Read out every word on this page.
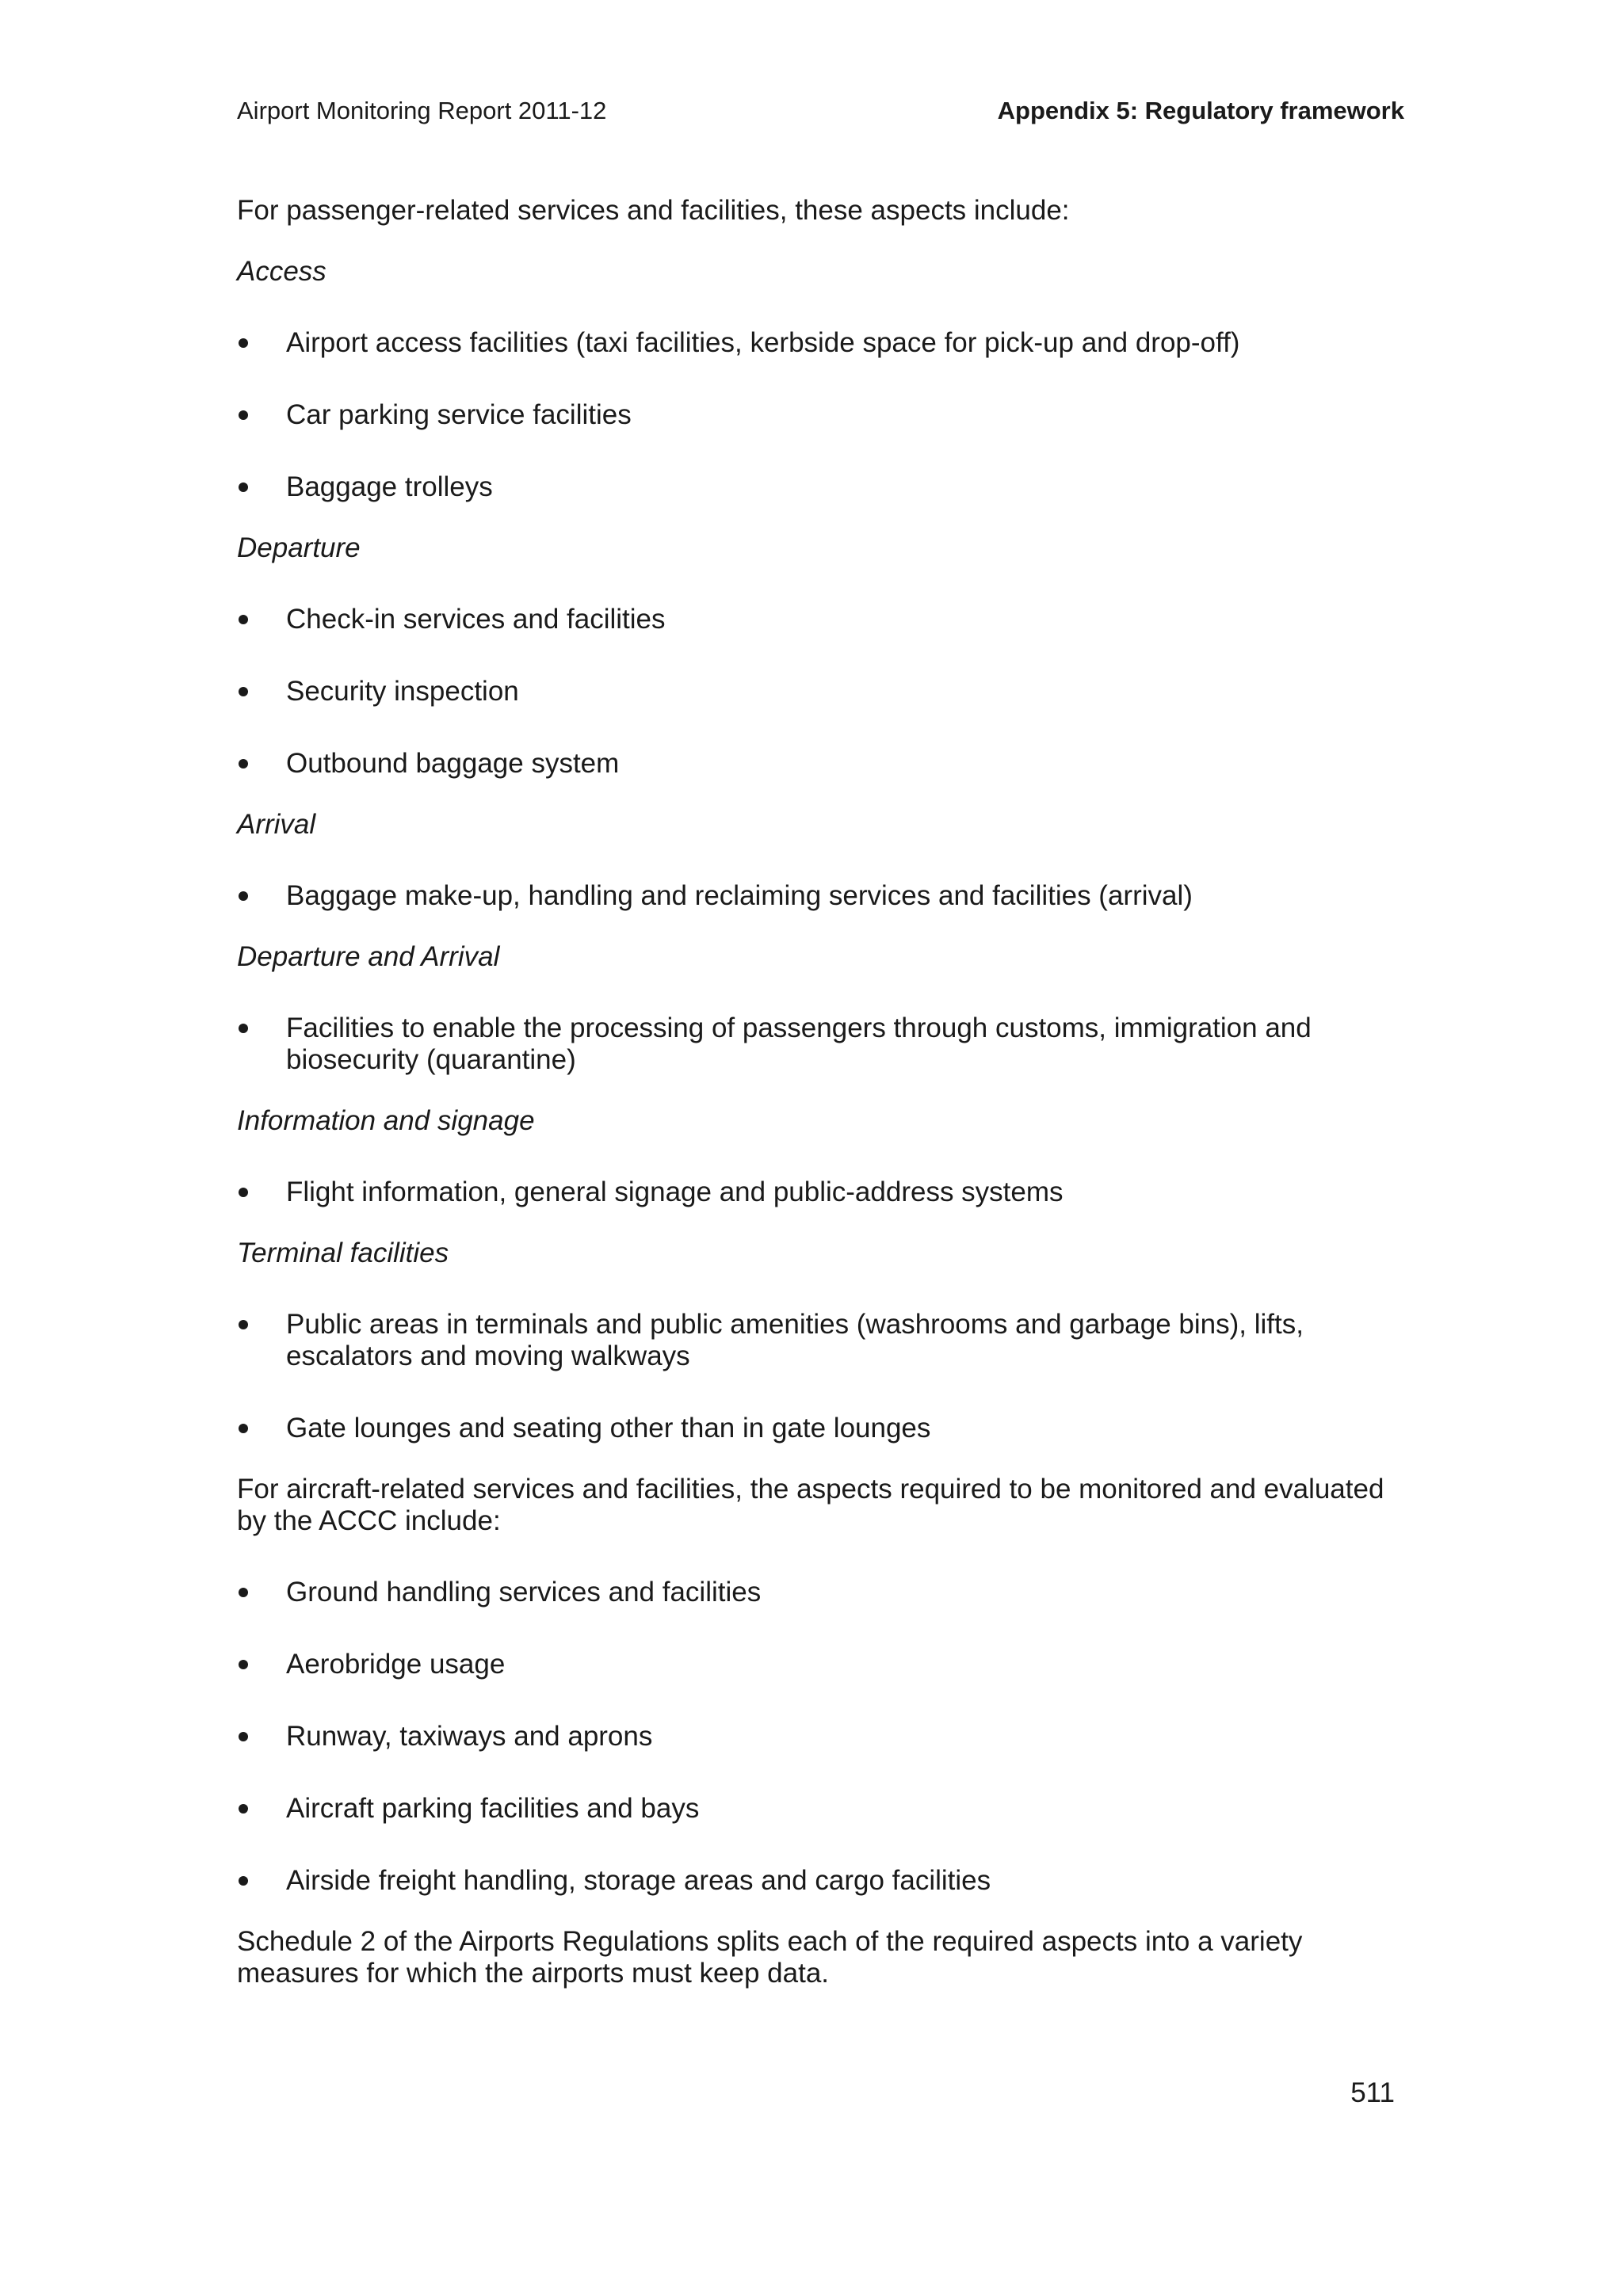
Airport Monitoring Report 2011-12	Appendix 5: Regulatory framework

For passenger-related services and facilities, these aspects include:

Access

Airport access facilities (taxi facilities, kerbside space for pick-up and drop-off)
Car parking service facilities
Baggage trolleys

Departure

Check-in services and facilities
Security inspection
Outbound baggage system

Arrival

Baggage make-up, handling and reclaiming services and facilities (arrival)

Departure and Arrival

Facilities to enable the processing of passengers through customs, immigration and biosecurity (quarantine)

Information and signage

Flight information, general signage and public-address systems

Terminal facilities

Public areas in terminals and public amenities (washrooms and garbage bins), lifts, escalators and moving walkways
Gate lounges and seating other than in gate lounges

For aircraft-related services and facilities, the aspects required to be monitored and evaluated by the ACCC include:

Ground handling services and facilities
Aerobridge usage
Runway, taxiways and aprons
Aircraft parking facilities and bays
Airside freight handling, storage areas and cargo facilities

Schedule 2 of the Airports Regulations splits each of the required aspects into a variety measures for which the airports must keep data.

511
